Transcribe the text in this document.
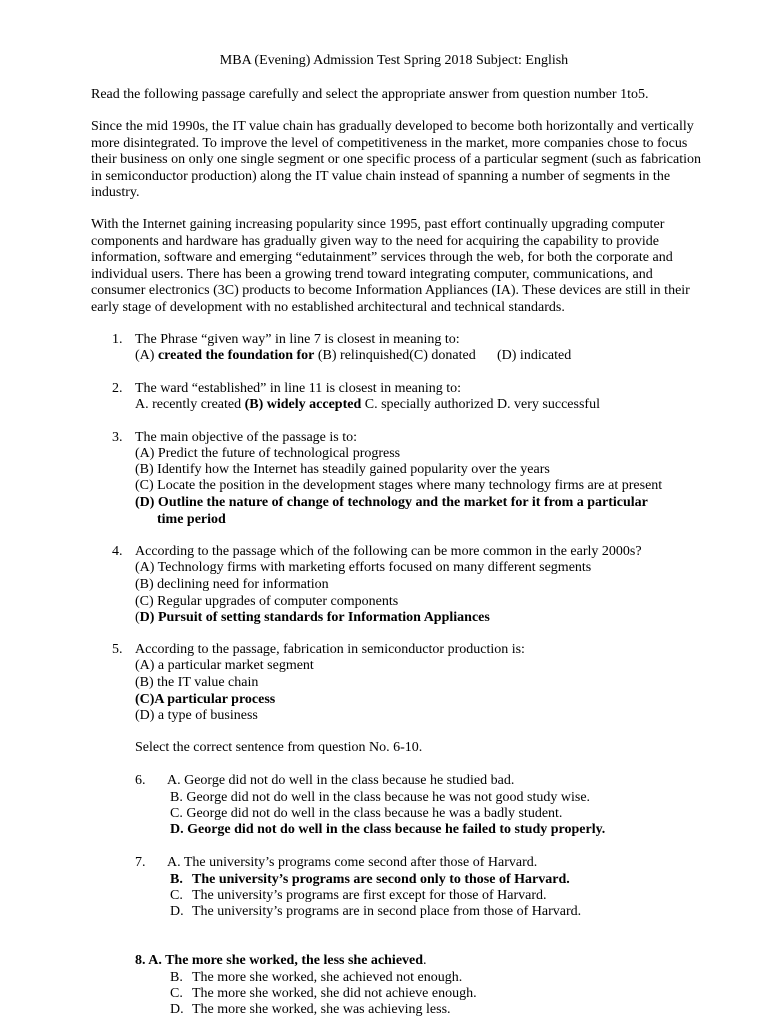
MBA (Evening) Admission Test Spring 2018 Subject: English
Read the following passage carefully and select the appropriate answer from question number 1to5.
Since the mid 1990s, the IT value chain has gradually developed to become both horizontally and vertically more disintegrated. To improve the level of competitiveness in the market, more companies chose to focus their business on only one single segment or one specific process of a particular segment (such as fabrication in semiconductor production) along the IT value chain instead of spanning a number of segments in the industry.
With the Internet gaining increasing popularity since 1995, past effort continually upgrading computer components and hardware has gradually given way to the need for acquiring the capability to provide information, software and emerging “edutainment” services through the web, for both the corporate and individual users. There has been a growing trend toward integrating computer, communications, and consumer electronics (3C) products to become Information Appliances (IA). These devices are still in their early stage of development with no established architectural and technical standards.
1. The Phrase “given way” in line 7 is closest in meaning to:
(A) created the foundation for (B) relinquished(C) donated (D) indicated
2. The ward “established” in line 11 is closest in meaning to:
A. recently created (B) widely accepted C. specially authorized D. very successful
3. The main objective of the passage is to:
(A) Predict the future of technological progress
(B) Identify how the Internet has steadily gained popularity over the years
(C) Locate the position in the development stages where many technology firms are at present
(D) Outline the nature of change of technology and the market for it from a particular
time period
4. According to the passage which of the following can be more common in the early 2000s?
(A) Technology firms with marketing efforts focused on many different segments
(B) declining need for information
(C) Regular upgrades of computer components
(D) Pursuit of setting standards for Information Appliances
5. According to the passage, fabrication in semiconductor production is:
(A) a particular market segment
(B) the IT value chain
(C)A particular process
(D) a type of business
Select the correct sentence from question No. 6-10.
6. A. George did not do well in the class because he studied bad.
B. George did not do well in the class because he was not good study wise.
C. George did not do well in the class because he was a badly student.
D. George did not do well in the class because he failed to study properly.
7. A. The university’s programs come second after those of Harvard.
B. The university’s programs are second only to those of Harvard.
C. The university’s programs are first except for those of Harvard.
D. The university’s programs are in second place from those of Harvard.
8. A. The more she worked, the less she achieved.
B. The more she worked, she achieved not enough.
C. The more she worked, she did not achieve enough.
D. The more she worked, she was achieving less.
